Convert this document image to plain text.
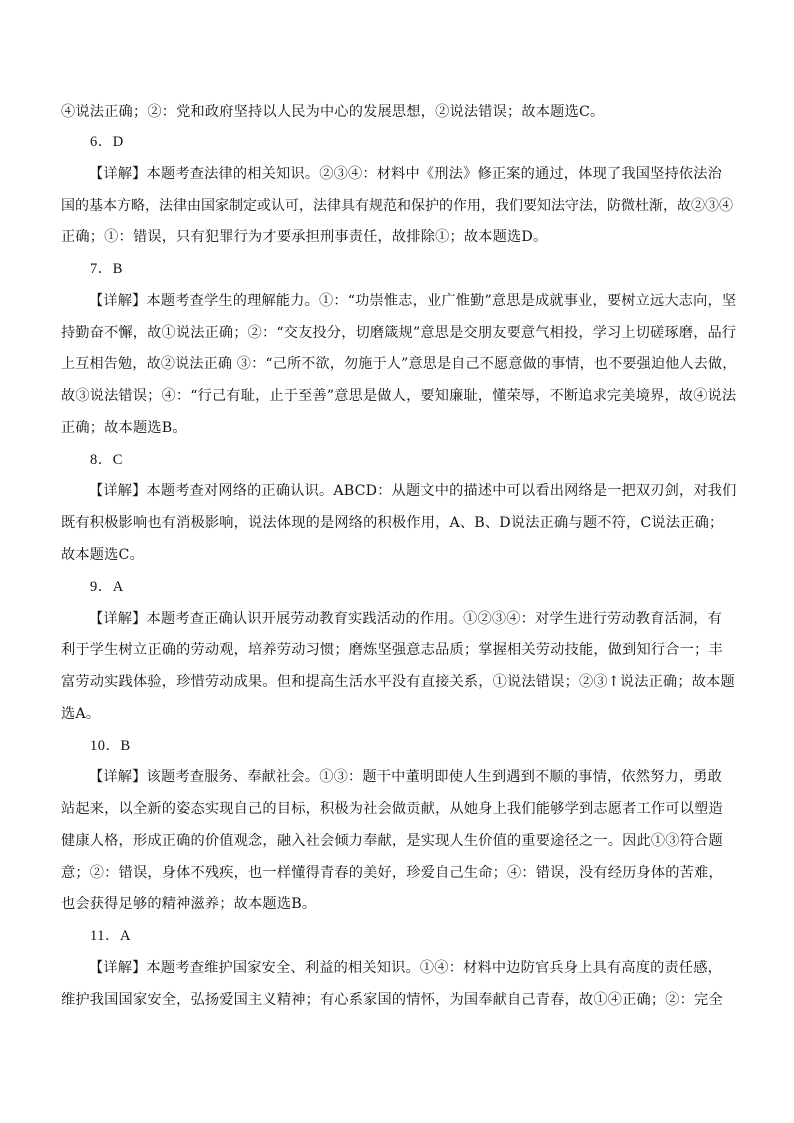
④说法正确；②：党和政府坚持以人民为中心的发展思想，②说法错误；故本题选C。
6．D
【详解】本题考查法律的相关知识。②③④：材料中《刑法》修正案的通过，体现了我国坚持依法治
国的基本方略，法律由国家制定或认可，法律具有规范和保护的作用，我们要知法守法，防微杜渐，故②③④
正确；①：错误，只有犯罪行为才要承担刑事责任，故排除①；故本题选D。
7．B
【详解】本题考查学生的理解能力。①：“功崇惟志，业广惟勤”意思是成就事业，要树立远大志向，坚
持勤奋不懈，故①说法正确；②：“交友投分，切磨箴规”意思是交朋友要意气相投，学习上切磋琢磨，品行
上互相告勉，故②说法正确 ③：“己所不欲，勿施于人”意思是自己不愿意做的事情，也不要强迫他人去做，
故③说法错误；④：“行己有耻，止于至善”意思是做人，要知廉耻，懂荣辱，不断追求完美境界，故④说法
正确；故本题选B。
8．C
【详解】本题考查对网络的正确认识。ABCD：从题文中的描述中可以看出网络是一把双刃剑，对我们
既有积极影响也有消极影响，说法体现的是网络的积极作用，A、B、D说法正确与题不符，C说法正确；
故本题选C。
9．A
【详解】本题考查正确认识开展劳动教育实践活动的作用。①②③④：对学生进行劳动教育活洞，有
利于学生树立正确的劳动观，培养劳动习惯；磨炼坚强意志品质；掌握相关劳动技能，做到知行合一；丰
富劳动实践体验，珍惜劳动成果。但和提高生活水平没有直接关系，①说法错误；②③↑说法正确；故本题
选A。
10．B
【详解】该题考查服务、奉献社会。①③：题干中董明即使人生到遇到不顺的事情，依然努力，勇敢
站起来，以全新的姿态实现自己的目标，积极为社会做贡献，从她身上我们能够学到志愿者工作可以塑造
健康人格，形成正确的价值观念，融入社会倾力奉献，是实现人生价值的重要途径之一。因此①③符合题
意；②：错误，身体不残疾，也一样懂得青春的美好，珍爱自己生命；④：错误，没有经历身体的苦难，
也会获得足够的精神滋养；故本题选B。
11．A
【详解】本题考查维护国家安全、利益的相关知识。①④：材料中边防官兵身上具有高度的责任感，
维护我国国家安全，弘扬爱国主义精神；有心系家国的情怀，为国奉献自己青春，故①④正确；②：完全
